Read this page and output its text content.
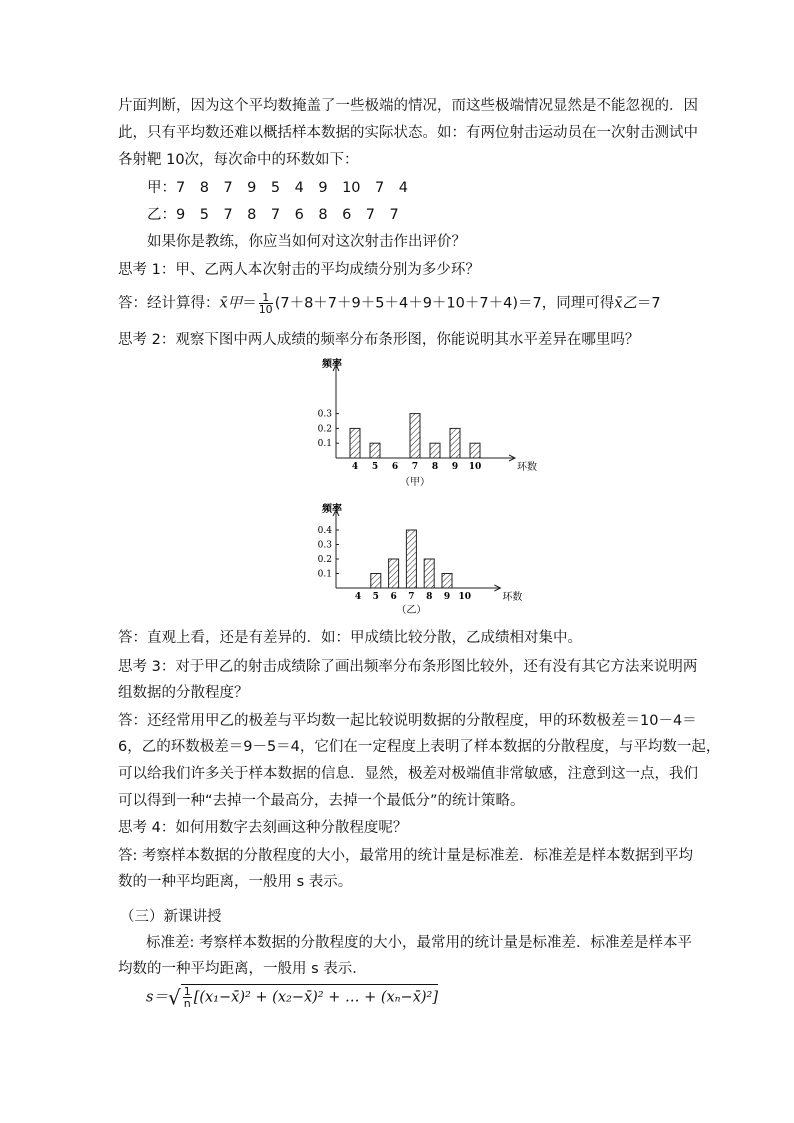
片面判断，因为这个平均数掩盖了一些极端的情况，而这些极端情况显然是不能忽视的．因
此，只有平均数还难以概括样本数据的实际状态。如：有两位射击运动员在一次射击测试中
各射靶 10次，每次命中的环数如下：
甲：7　8　7　9　5　4　9　10　7　4
乙：9　5　7　8　7　6　8　6　7　7
如果你是教练，你应当如何对这次射击作出评价？
思考 1：甲、乙两人本次射击的平均成绩分别为多少环？
答：经计算得：x̄甲＝ $\frac{1}{10} (7+8+7+9+5+4+9+10+7+4)=7$，同理可得x̄乙＝7
思考 2：观察下图中两人成绩的频率分布条形图，你能说明其水平差异在哪里吗？
频率
0.1
0.2
0.3
4 5 6 7 8 9 10	环数
（甲）
频率
0.1
0.2
0.3
0.4
4 5 6 7 8 9 10	环数
（乙）
答：直观上看，还是有差异的．如：甲成绩比较分散，乙成绩相对集中。
思考 3：对于甲乙的射击成绩除了画出频率分布条形图比较外，还有没有其它方法来说明两
组数据的分散程度？
答：还经常用甲乙的极差与平均数一起比较说明数据的分散程度，甲的环数极差＝10－4＝
6，乙的环数极差＝9－5＝4，它们在一定程度上表明了样本数据的分散程度，与平均数一起，
可以给我们许多关于样本数据的信息．显然，极差对极端值非常敏感，注意到这一点，我们
可以得到一种“去掉一个最高分，去掉一个最低分”的统计策略。
思考 4：如何用数字去刻画这种分散程度呢？
答: 考察样本数据的分散程度的大小，最常用的统计量是标准差．标准差是样本数据到平均
数的一种平均距离，一般用 s 表示。
（三）新课讲授
标准差: 考察样本数据的分散程度的大小，最常用的统计量是标准差．标准差是样本平
均数的一种平均距离，一般用 s 表示．
$s=√ \frac{1}{n}$ [(x₁−x̄)² + (x₂−x̄)² + … + (xₙ−x̄)²]
